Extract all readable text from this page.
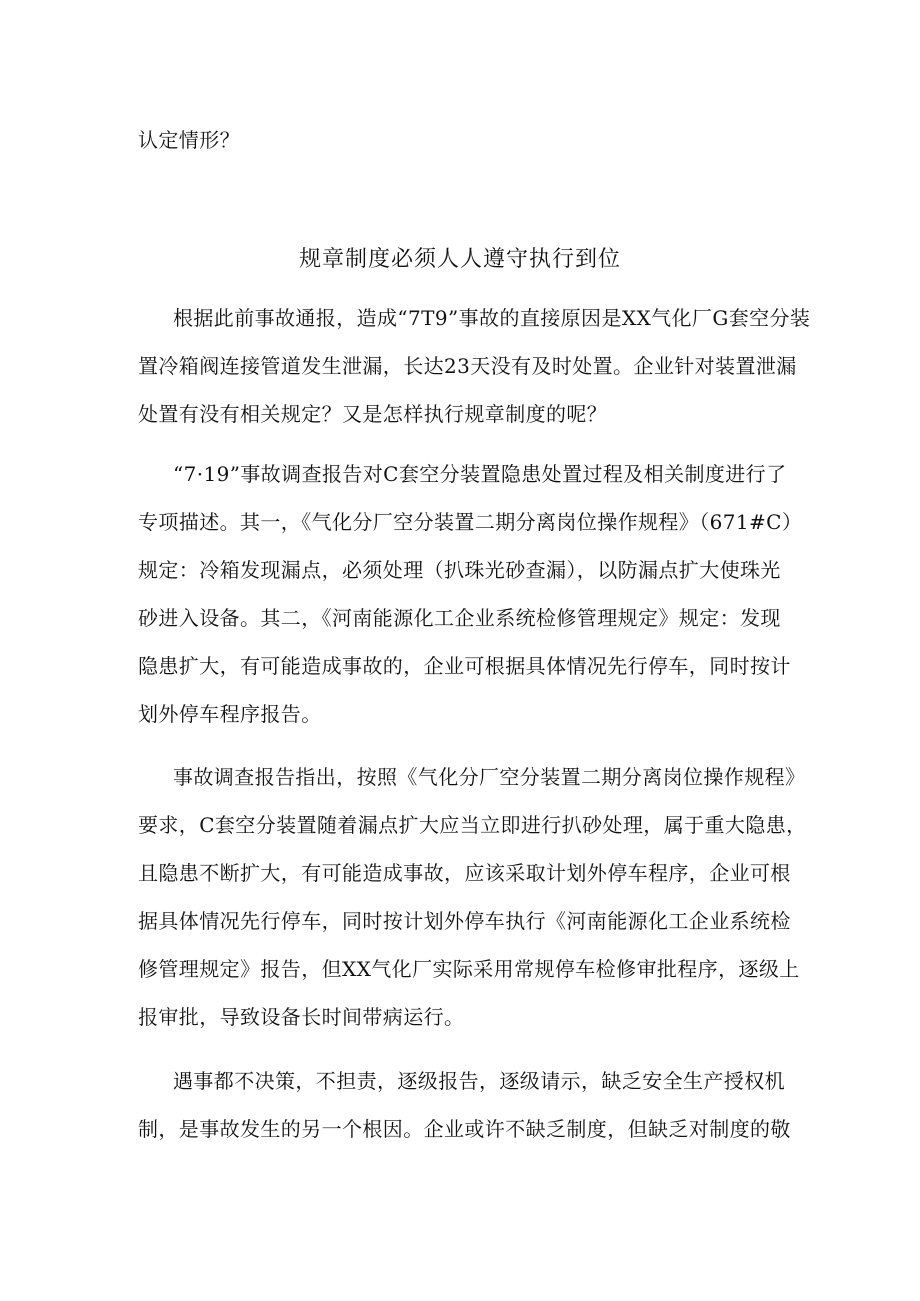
认定情形？
规章制度必须人人遵守执行到位
根据此前事故通报，造成“7T9”事故的直接原因是XX气化厂G套空分装
置冷箱阀连接管道发生泄漏，长达23天没有及时处置。企业针对装置泄漏
处置有没有相关规定？又是怎样执行规章制度的呢？
“7·19”事故调查报告对C套空分装置隐患处置过程及相关制度进行了
专项描述。其一，《气化分厂空分装置二期分离岗位操作规程》（671#C）
规定：冷箱发现漏点，必须处理（扒珠光砂查漏），以防漏点扩大使珠光
砂进入设备。其二，《河南能源化工企业系统检修管理规定》规定：发现
隐患扩大，有可能造成事故的，企业可根据具体情况先行停车，同时按计
划外停车程序报告。
事故调查报告指出，按照《气化分厂空分装置二期分离岗位操作规程》
要求，C套空分装置随着漏点扩大应当立即进行扒砂处理，属于重大隐患，
且隐患不断扩大，有可能造成事故，应该采取计划外停车程序，企业可根
据具体情况先行停车，同时按计划外停车执行《河南能源化工企业系统检
修管理规定》报告，但XX气化厂实际采用常规停车检修审批程序，逐级上
报审批，导致设备长时间带病运行。
遇事都不决策，不担责，逐级报告，逐级请示，缺乏安全生产授权机
制，是事故发生的另一个根因。企业或许不缺乏制度，但缺乏对制度的敬
